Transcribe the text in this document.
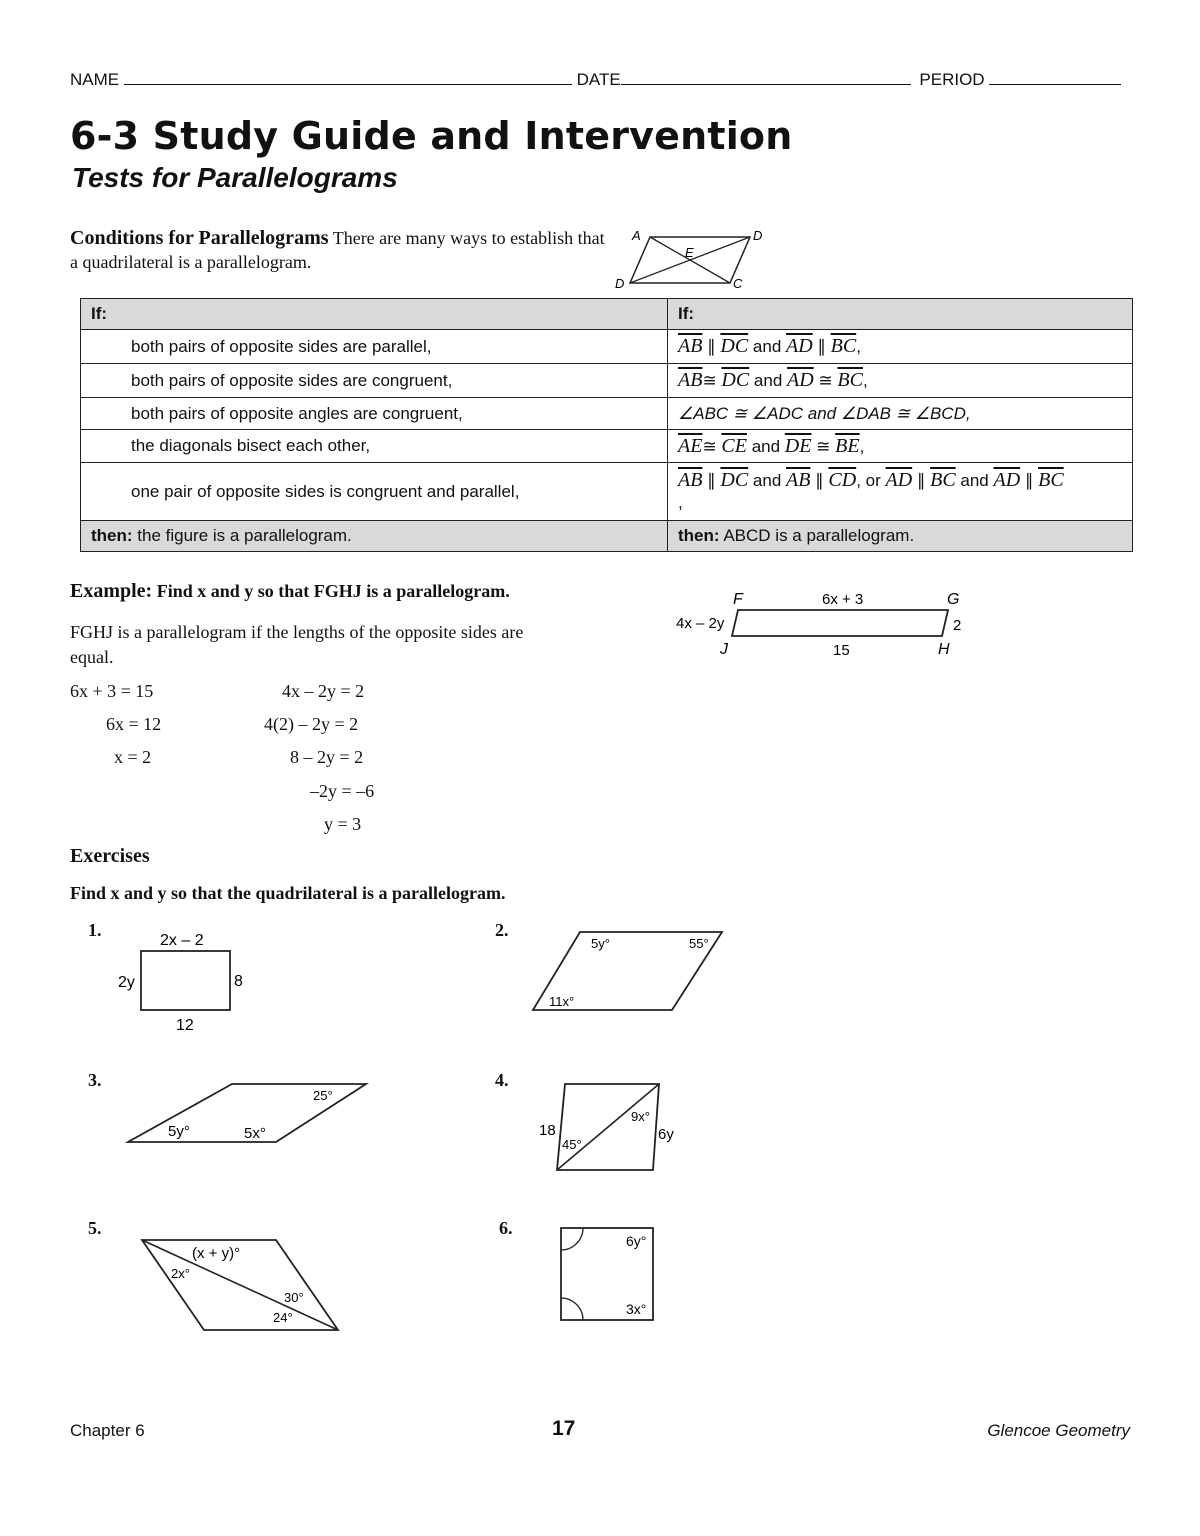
NAME	DATE	PERIOD
6-3 Study Guide and Intervention
Tests for Parallelograms
Conditions for Parallelograms There are many ways to establish that a quadrilateral is a parallelogram.
A	D
E
D	C
If:	If:
both pairs of opposite sides are parallel,	$\overline{AB}$ ∥ $\overline{DC}$ and $\overline{AD}$ ∥ $\overline{BC}$,
both pairs of opposite sides are congruent,	$\overline{AB}≅$ $\overline{DC}$ and $\overline{AD}$ ≅ $\overline{BC}$,
both pairs of opposite angles are congruent,	∠ABC ≅ ∠ADC and ∠DAB ≅ ∠BCD,
the diagonals bisect each other,	$\overline{AE}≅$ $\overline{CE}$ and $\overline{DE}$ ≅ $\overline{BE}$,
one pair of opposite sides is congruent and parallel,	$\overline{AB}$ ∥ $\overline{DC}$ and $\overline{AB}$ ∥ $\overline{CD}$, or $\overline{AD}$ ∥ $\overline{BC}$ and $\overline{AD}$ ∥ $\overline{BC}$
,
then: the figure is a parallelogram.	then: ABCD is a parallelogram.
Example: Find x and y so that FGHJ is a parallelogram.
FGHJ is a parallelogram if the lengths of the opposite sides are equal.
6x + 3 = 15
6x = 12
x = 2
4x – 2y = 2
4(2) – 2y = 2
8 – 2y = 2
–2y = –6
y = 3
F	G
J	H
6x + 3
4x – 2y	2
15
Exercises
Find x and y so that the quadrilateral is a parallelogram.
1.
2x – 2
2y	8
12
2.
5y°	55°
11x°
3.
25°
5y°	5x°
4.
9x°
18
45°
6y
5.
(x + y)°
2x°
30°
24°
6.
6y°
3x°
Chapter 6	17	Glencoe Geometry
